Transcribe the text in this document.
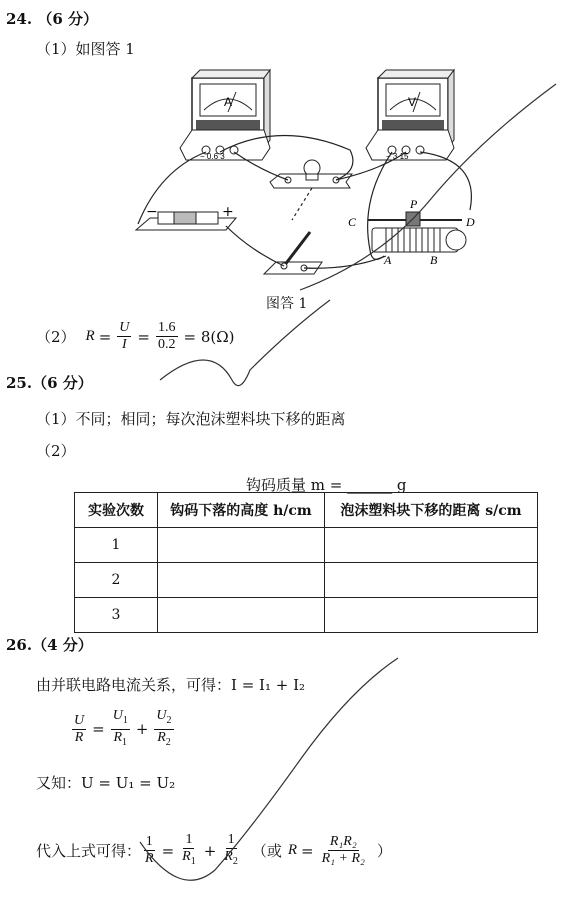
24. （6 分）
（1）如图答 1
A
− 0.6 3
V
− 3 15
−	+
C
P
D
A	B
图答 1
（2） $R = \frac{U}{I} = \frac{1.6}{0.2} = 8(\Omega)$
25.（6 分）
（1）不同；相同；每次泡沫塑料块下移的距离
（2）
钩码质量 m = ______ g
实验次数	钩码下落的高度 h/cm	泡沫塑料块下移的距离 s/cm
1		
2		
3		
26.（4 分）
由并联电路电流关系，可得：I = I₁ + I₂
$\frac{U}{R} = \frac{U_1}{R_1} + \frac{U_2}{R_2}$
又知：U = U₁ = U₂
代入上式可得： $\frac{1}{R} = \frac{1}{R_1} + \frac{1}{R_2}$ （或 $R = \frac{\text{R₁R₂}}{\text{R₁ + R₂}}$ ）
